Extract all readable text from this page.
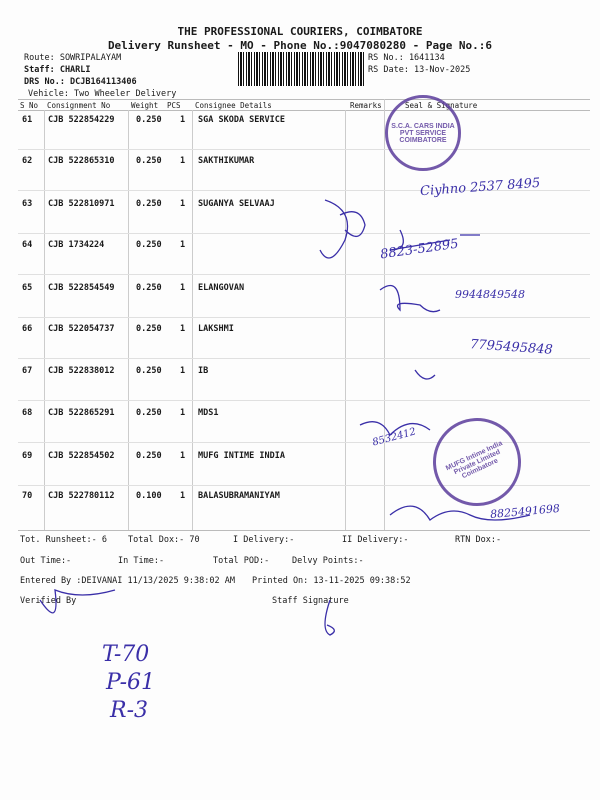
THE PROFESSIONAL COURIERS, COIMBATORE
Delivery Runsheet - MO - Phone No.:9047080280 - Page No.:6
Route: SOWRIPALAYAM
Staff: CHARLI
DRS No.: DCJB164113406
Vehicle: Two Wheeler Delivery
RS No.: 1641134
RS Date: 13-Nov-2025
S No Consignment No	Weight PCS Consignee Details	Remarks	Seal & Signature
61 CJB 522854229	0.250 1 SGA SKODA SERVICE
62 CJB 522865310	0.250 1 SAKTHIKUMAR
63 CJB 522810971	0.250 1 SUGANYA SELVAAJ
64 CJB 1734224	0.250 1
65 CJB 522854549	0.250 1 ELANGOVAN
66 CJB 522054737	0.250 1 LAKSHMI
67 CJB 522838012	0.250 1 IB
68 CJB 522865291	0.250 1 MDS1
69 CJB 522854502	0.250 1 MUFG INTIME INDIA
70 CJB 522780112	0.100 1 BALASUBRAMANIYAM
Tot. Runsheet:- 6 Total Dox:- 70	I Delivery:-	II Delivery:-	RTN Dox:-
Out Time:-	In Time:-	Total POD:-	Delvy Points:-
Entered By :DEIVANAI 11/13/2025 9:38:02 AM Printed On: 13-11-2025 09:38:52
Verified By	Staff Signature
S.C.A. CARS INDIA PVT SERVICE COIMBATORE
MUFG Intime India Private Limited Coimbatore
Ciyhno 2537 8495
8823-52895
9944849548
7795495848
8532412
8825491698
T-70
P-61
R-3
